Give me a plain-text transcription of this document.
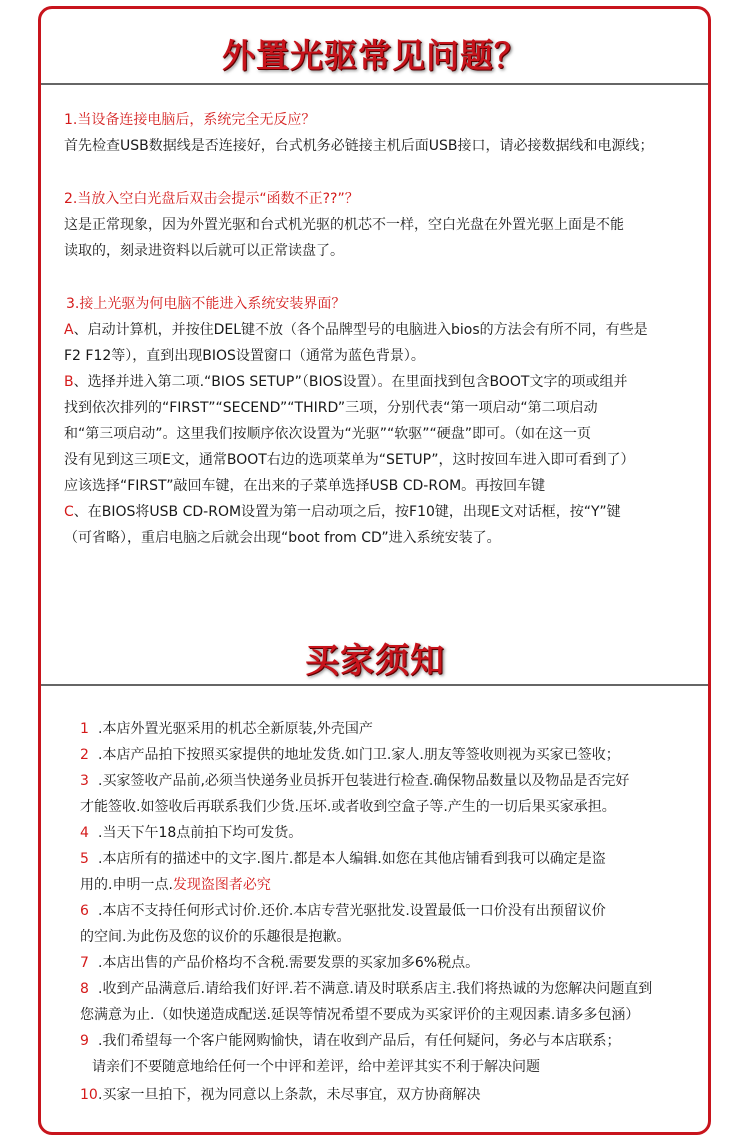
外置光驱常见问题？
1.当设备连接电脑后，系统完全无反应？
首先检查USB数据线是否连接好，台式机务必链接主机后面USB接口，请必接数据线和电源线；
2.当放入空白光盘后双击会提示“函数不正??”？
这是正常现象，因为外置光驱和台式机光驱的机芯不一样，空白光盘在外置光驱上面是不能
读取的，刻录进资料以后就可以正常读盘了。
3.接上光驱为何电脑不能进入系统安装界面？
A、启动计算机，并按住DEL键不放（各个品牌型号的电脑进入bios的方法会有所不同，有些是
F2 F12等），直到出现BIOS设置窗口（通常为蓝色背景）。
B、选择并进入第二项.“BIOS SETUP”（BIOS设置）。在里面找到包含BOOT文字的项或组并
找到依次排列的“FIRST”“SECEND”“THIRD”三项，分别代表“第一项启动“第二项启动
和“第三项启动”。这里我们按顺序依次设置为“光驱”“软驱”“硬盘”即可。（如在这一页
没有见到这三项E文，通常BOOT右边的选项菜单为“SETUP”，这时按回车进入即可看到了）
应该选择“FIRST”敲回车键，在出来的子菜单选择USB CD-ROM。再按回车键
C、在BIOS将USB CD-ROM设置为第一启动项之后，按F10键，出现E文对话框，按“Y”键
（可省略），重启电脑之后就会出现“boot from CD”进入系统安装了。
买家须知
1 .本店外置光驱采用的机芯全新原装,外壳国产
2 .本店产品拍下按照买家提供的地址发货.如门卫.家人.朋友等签收则视为买家已签收；
3 .买家签收产品前,必须当快递务业员拆开包装进行检查.确保物品数量以及物品是否完好
才能签收.如签收后再联系我们少货.压坏.或者收到空盒子等.产生的一切后果买家承担。
4 .当天下午18点前拍下均可发货。
5 .本店所有的描述中的文字.图片.都是本人编辑.如您在其他店铺看到我可以确定是盗
用的.申明一点.发现盗图者必究
6 .本店不支持任何形式讨价.还价.本店专营光驱批发.设置最低一口价没有出预留议价
的空间.为此伤及您的议价的乐趣很是抱歉。
7 .本店出售的产品价格均不含税.需要发票的买家加多6%税点。
8 .收到产品满意后.请给我们好评.若不满意.请及时联系店主.我们将热诚的为您解决问题直到
您满意为止.（如快递造成配送.延误等情况希望不要成为买家评价的主观因素.请多多包涵）
9 .我们希望每一个客户能网购愉快，请在收到产品后，有任何疑问，务必与本店联系；
请亲们不要随意地给任何一个中评和差评，给中差评其实不利于解决问题
10.买家一旦拍下，视为同意以上条款，未尽事宜，双方协商解决
